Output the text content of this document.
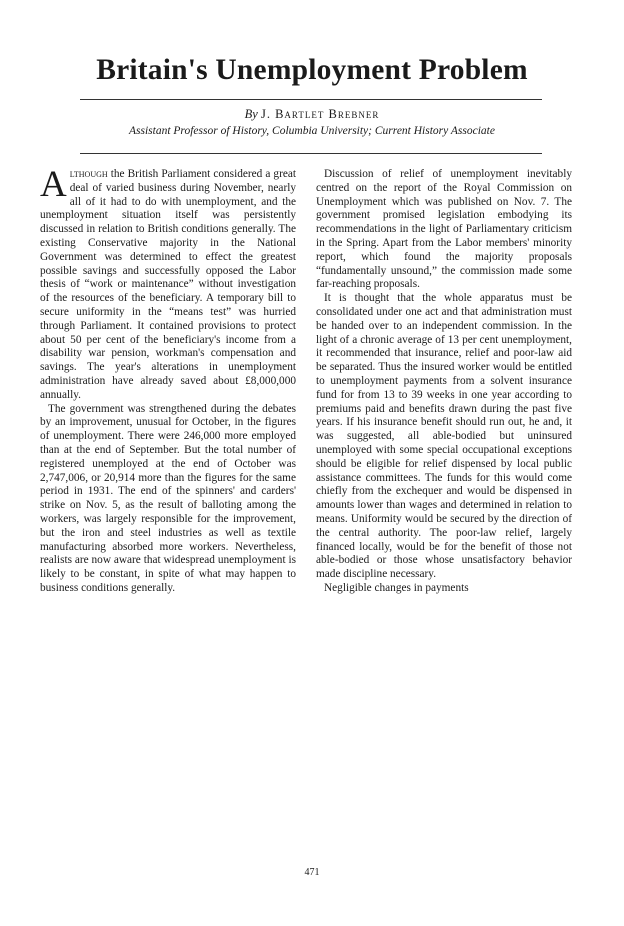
Britain's Unemployment Problem
By J. Bartlet Brebner
Assistant Professor of History, Columbia University; Current History Associate

Although the British Parliament considered a great deal of varied business during November, nearly all of it had to do with unemployment, and the unemployment situation itself was persistently discussed in relation to British conditions generally. The existing Conservative majority in the National Government was determined to effect the greatest possible savings and successfully opposed the Labor thesis of “work or maintenance” without investigation of the resources of the beneficiary. A temporary bill to secure uniformity in the “means test” was hurried through Parliament. It contained provisions to protect about 50 per cent of the beneficiary's income from a disability war pension, workman's compensation and savings. The year's alterations in unemployment administration have already saved about £8,000,000 annually.

The government was strengthened during the debates by an improvement, unusual for October, in the figures of unemployment. There were 246,000 more employed than at the end of September. But the total number of registered unemployed at the end of October was 2,747,006, or 20,914 more than the figures for the same period in 1931. The end of the spinners' and carders' strike on Nov. 5, as the result of balloting among the workers, was largely responsible for the improvement, but the iron and steel industries as well as textile manufacturing absorbed more workers. Nevertheless, realists are now aware that widespread unemployment is likely to be constant, in spite of what may happen to business conditions generally.

Discussion of relief of unemployment inevitably centred on the report of the Royal Commission on Unemployment which was published on Nov. 7. The government promised legislation embodying its recommendations in the light of Parliamentary criticism in the Spring. Apart from the Labor members' minority report, which found the majority proposals “fundamentally unsound,” the commission made some far-reaching proposals.

It is thought that the whole apparatus must be consolidated under one act and that administration must be handed over to an independent commission. In the light of a chronic average of 13 per cent unemployment, it recommended that insurance, relief and poor-law aid be separated. Thus the insured worker would be entitled to unemployment payments from a solvent insurance fund for from 13 to 39 weeks in one year according to premiums paid and benefits drawn during the past five years. If his insurance benefit should run out, he and, it was suggested, all able-bodied but uninsured unemployed with some special occupational exceptions should be eligible for relief dispensed by local public assistance committees. The funds for this would come chiefly from the exchequer and would be dispensed in amounts lower than wages and determined in relation to means. Uniformity would be secured by the direction of the central authority. The poor-law relief, largely financed locally, would be for the benefit of those not able-bodied or those whose unsatisfactory behavior made discipline necessary.

Negligible changes in payments

471
